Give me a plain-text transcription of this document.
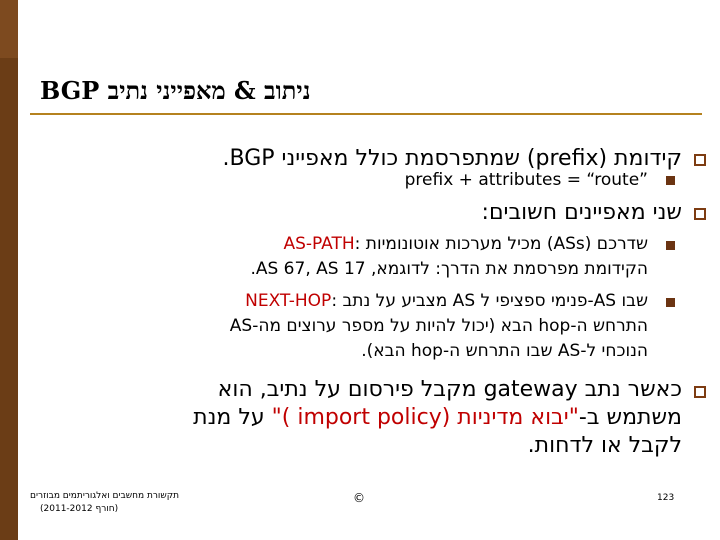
BGP ניתוב & מאפייני נתיב
קידומת (prefix) שמתפרסמת כולל מאפייני BGP.
prefix + attributes = “route”
שני מאפיינים חשובים:
AS-PATH: מכיל מערכות אוטונומיות (ASs) שדרכם
הקידומת מפרסמת את הדרך: לדוגמא, AS 67, AS 17.
NEXT-HOP: מצביע על נתב AS פנימי ספציפי ל-AS שבו
התרחש ה-hop הבא (יכול להיות על מספר ערוצים מה-AS
הנוכחי ל-AS שבו התרחש ה-hop הבא).
כאשר נתב gateway מקבל פירסום על נתיב, הוא
משתמש ב-"יבוא מדיניות (import policy )" על מנת
לקבל או לדחות.
תקשורת מחשבים ואלגוריתמים מבוזרים
(חורף 2011-2012)
©	123
